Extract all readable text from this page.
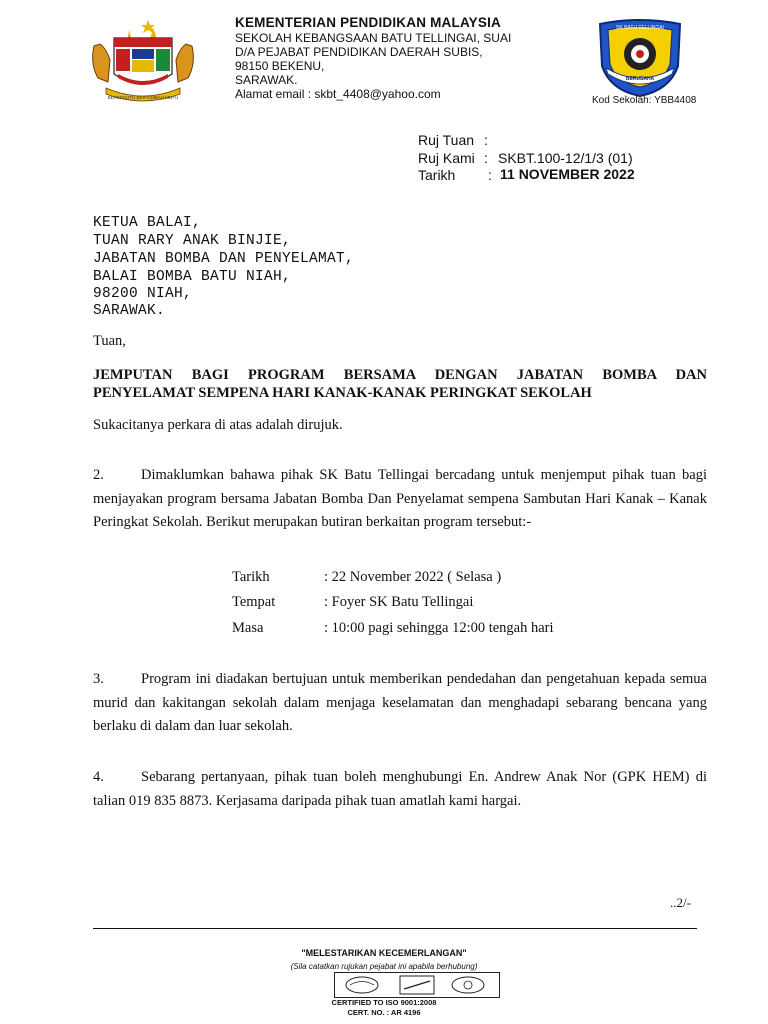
BERSEKUTU BERTAMBAH MUTU
KEMENTERIAN PENDIDIKAN MALAYSIA
SEKOLAH KEBANGSAAN BATU TELLINGAI, SUAI
D/A PEJABAT PENDIDIKAN DAERAH SUBIS,
98150 BEKENU,
SARAWAK.
Alamat email : skbt_4408@yahoo.com
SK BATU TELLINGAI
BERUSAHA
Kod Sekolah: YBB4408
Ruj Tuan :
Ruj Kami : SKBT.100-12/1/3 (01)
Tarikh : 11 NOVEMBER 2022
KETUA BALAI,
TUAN RARY ANAK BINJIE,
JABATAN BOMBA DAN PENYELAMAT,
BALAI BOMBA BATU NIAH,
98200 NIAH,
SARAWAK.
Tuan,
JEMPUTAN BAGI PROGRAM BERSAMA DENGAN JABATAN BOMBA DAN
PENYELAMAT SEMPENA HARI KANAK-KANAK PERINGKAT SEKOLAH
Sukacitanya perkara di atas adalah dirujuk.
2.	Dimaklumkan bahawa pihak SK Batu Tellingai bercadang untuk menjemput pihak tuan bagi menjayakan program bersama Jabatan Bomba Dan Penyelamat sempena Sambutan Hari Kanak – Kanak Peringkat Sekolah. Berikut merupakan butiran berkaitan program tersebut:-
Tarikh	: 22 November 2022 ( Selasa )
Tempat	: Foyer SK Batu Tellingai
Masa	: 10:00 pagi sehingga 12:00 tengah hari
3.	Program ini diadakan bertujuan untuk memberikan pendedahan dan pengetahuan kepada semua murid dan kakitangan sekolah dalam menjaga keselamatan dan menghadapi sebarang bencana yang berlaku di dalam dan luar sekolah.
4.	Sebarang pertanyaan, pihak tuan boleh menghubungi En. Andrew Anak Nor (GPK HEM) di talian 019 835 8873. Kerjasama daripada pihak tuan amatlah kami hargai.
..2/-
"MELESTARIKAN KECEMERLANGAN"
(Sila catatkan rujukan pejabat ini apabila berhubung)
CERTIFIED TO ISO 9001:2008
CERT. NO. : AR 4196
